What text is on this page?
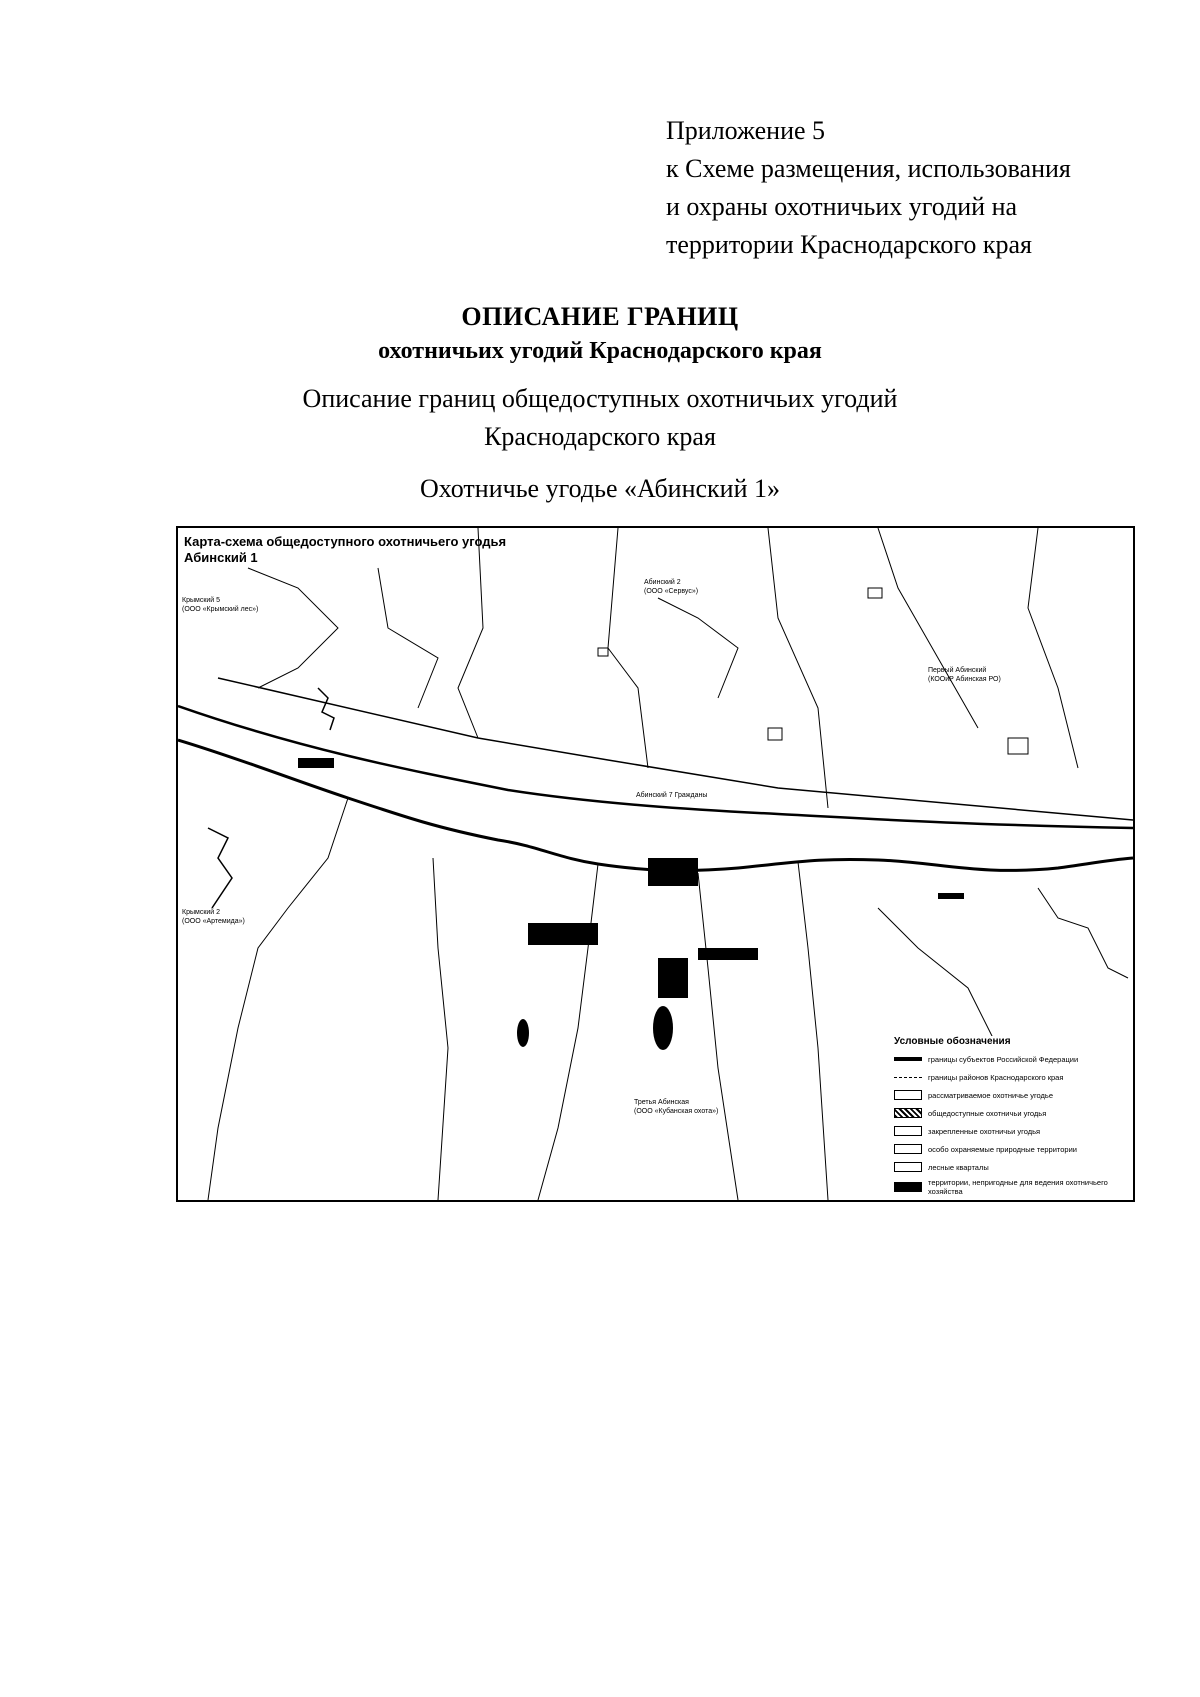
Приложение 5
к Схеме размещения, использования
и охраны охотничьих угодий на
территории Краснодарского края
ОПИСАНИЕ ГРАНИЦ
охотничьих угодий Краснодарского края
Описание границ общедоступных охотничьих угодий
Краснодарского края
Охотничье угодье «Абинский 1»
Карта-схема общедоступного охотничьего угодья
Абинский 1
Крымский 5
(ООО «Крымский лес»)
Абинский 2
(ООО «Сервус»)
Первый Абинский
(КООиР Абинская РО)
Абинский 7 Гражданы
Крымский 2
(ООО «Артемида»)
Третья Абинская
(ООО «Кубанская охота»)
Условные обозначения
границы субъектов Российской Федерации
границы районов Краснодарского края
рассматриваемое охотничье угодье
общедоступные охотничьи угодья
закрепленные охотничьи угодья
особо охраняемые природные территории
лесные кварталы
территории, непригодные для ведения охотничьего хозяйства
